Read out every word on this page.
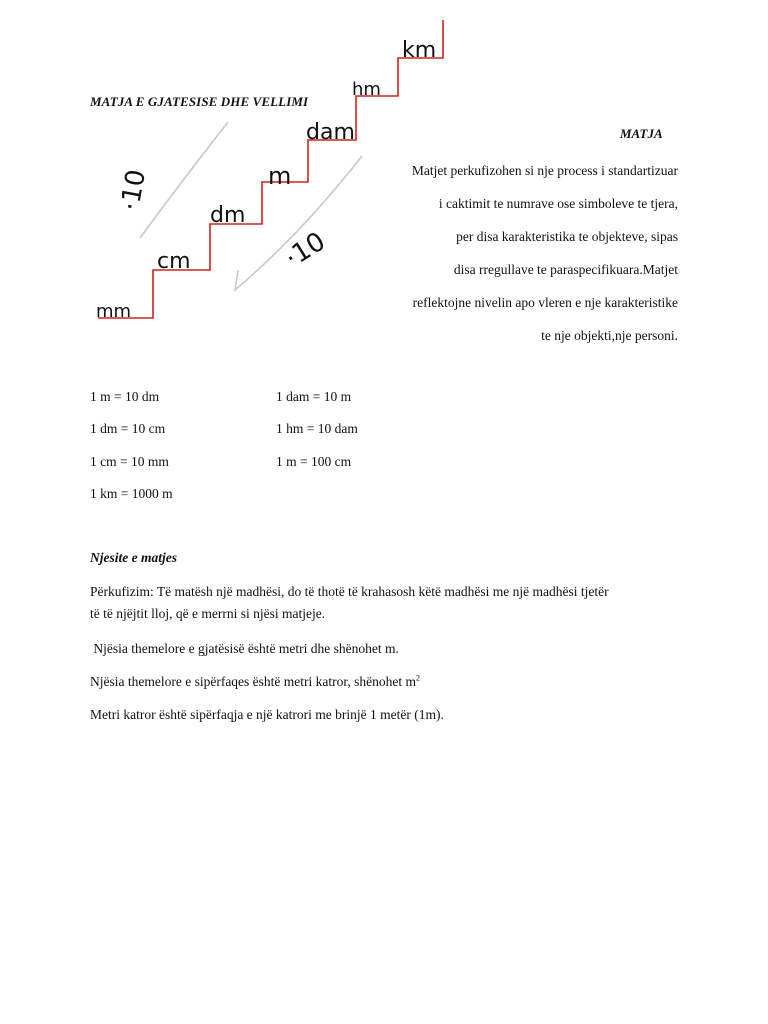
MATJA E GJATESISE DHE VELLIMI
mm
cm
dm
m
dam
hm
km
·10
·10
MATJA

Matjet perkufizohen si nje process i standartizuar
i caktimit te numrave ose simboleve te tjera,
per disa karakteristika te objekteve, sipas
disa rregullave te paraspecifikuara.Matjet
reflektojne nivelin apo vleren e nje karakteristike
te nje objekti,nje personi.

1 m = 10 dm
1 dm = 10 cm
1 cm = 10 mm
1 km = 1000 m
1 dam = 10 m
1 hm = 10 dam
1 m = 100 cm
Njesite e matjes

Përkufizim: Të matësh një madhësi, do të thotë të krahasosh këtë madhësi me një madhësi tjetër
të të njëjtit lloj, që e merrni si njësi matjeje.

Njësia themelore e gjatësisë është metri dhe shënohet m.

Njësia themelore e sipërfaqes është metri katror, shënohet $m^2$

Metri katror është sipërfaqja e një katrori me brinjë 1 metër (1m).
